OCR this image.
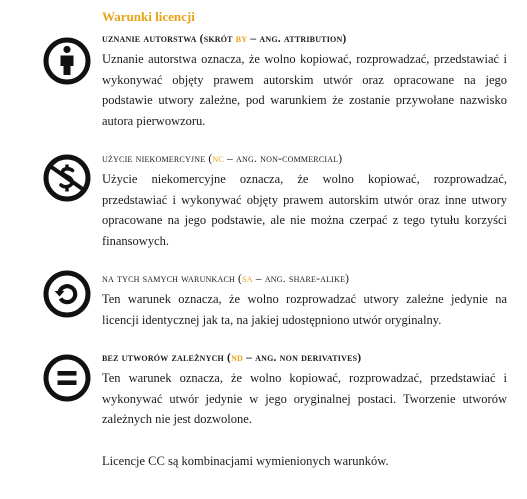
Warunki licencji
uznanie autorstwa (skrót by – ang. attribution)
Uznanie autorstwa oznacza, że wolno kopiować, rozprowadzać, przedstawiać i wykonywać objęty prawem autorskim utwór oraz opracowane na jego podstawie utwory zależne, pod warunkiem że zostanie przywołane nazwisko autora pierwowzoru.
użycie niekomercyjne (nc – ang. non-commercial)
Użycie niekomercyjne oznacza, że wolno kopiować, rozprowadzać, przedstawiać i wykonywać objęty prawem autorskim utwór oraz inne utwory opracowane na jego podstawie, ale nie można czerpać z tego tytułu korzyści finansowych.
na tych samych warunkach (sa – ang. share-alike)
Ten warunek oznacza, że wolno rozprowadzać utwory zależne jedynie na licencji identycznej jak ta, na jakiej udostępniono utwór oryginalny.
bez utworów zależnych (nd – ang. non derivatives)
Ten warunek oznacza, że wolno kopiować, rozprowadzać, przedstawiać i wykonywać utwór jedynie w jego oryginalnej postaci. Tworzenie utworów zależnych nie jest dozwolone.
Licencje CC są kombinacjami wymienionych warunków.
